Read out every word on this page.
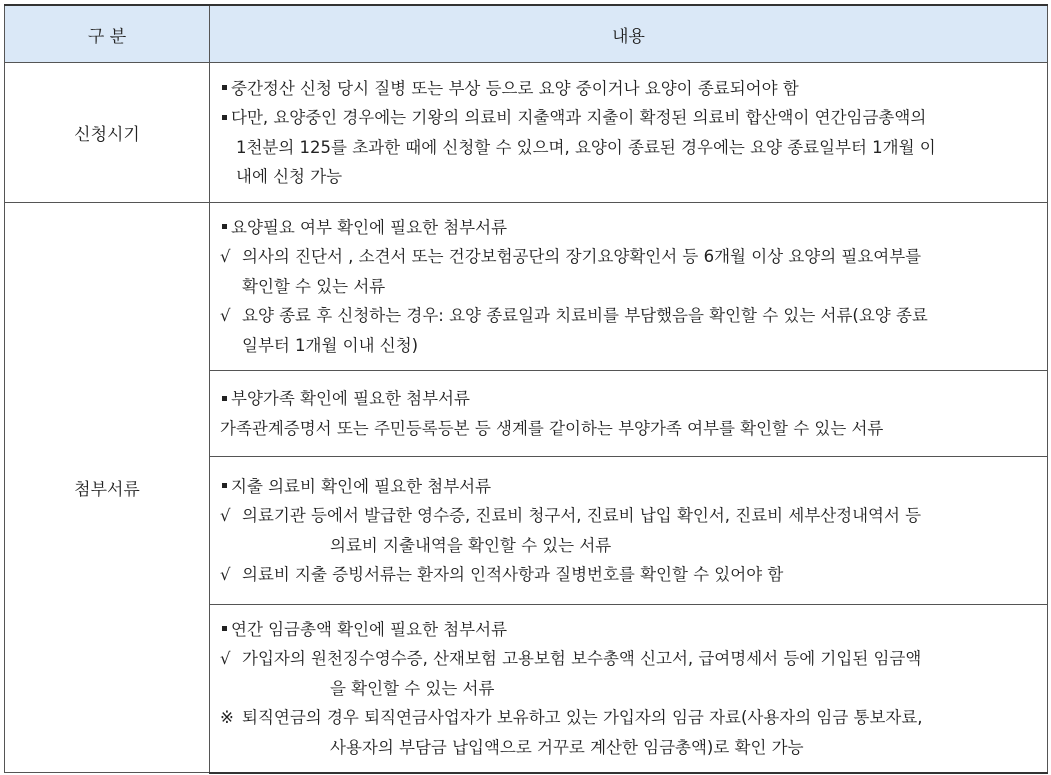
구 분	내용
신청시기	중간정산 신청 당시 질병 또는 부상 등으로 요양 중이거나 요양이 종료되어야 함
다만, 요양중인 경우에는 기왕의 의료비 지출액과 지출이 확정된 의료비 합산액이 연간임금총액의
1천분의 125를 초과한 때에 신청할 수 있으며, 요양이 종료된 경우에는 요양 종료일부터 1개월 이
내에 신청 가능

첨부서류	요양필요 여부 확인에 필요한 첨부서류
√ 의사의 진단서 , 소견서 또는 건강보험공단의 장기요양확인서 등 6개월 이상 요양의 필요여부를
확인할 수 있는 서류
√ 요양 종료 후 신청하는 경우: 요양 종료일과 치료비를 부담했음을 확인할 수 있는 서류(요양 종료
일부터 1개월 이내 신청)

	부양가족 확인에 필요한 첨부서류
가족관계증명서 또는 주민등록등본 등 생계를 같이하는 부양가족 여부를 확인할 수 있는 서류

	지출 의료비 확인에 필요한 첨부서류
√ 의료기관 등에서 발급한 영수증, 진료비 청구서, 진료비 납입 확인서, 진료비 세부산정내역서 등
의료비 지출내역을 확인할 수 있는 서류
√ 의료비 지출 증빙서류는 환자의 인적사항과 질병번호를 확인할 수 있어야 함

	연간 임금총액 확인에 필요한 첨부서류
√ 가입자의 원천징수영수증, 산재보험 고용보험 보수총액 신고서, 급여명세서 등에 기입된 임금액
을 확인할 수 있는 서류
※ 퇴직연금의 경우 퇴직연금사업자가 보유하고 있는 가입자의 임금 자료(사용자의 임금 통보자료,
사용자의 부담금 납입액으로 거꾸로 계산한 임금총액)로 확인 가능
